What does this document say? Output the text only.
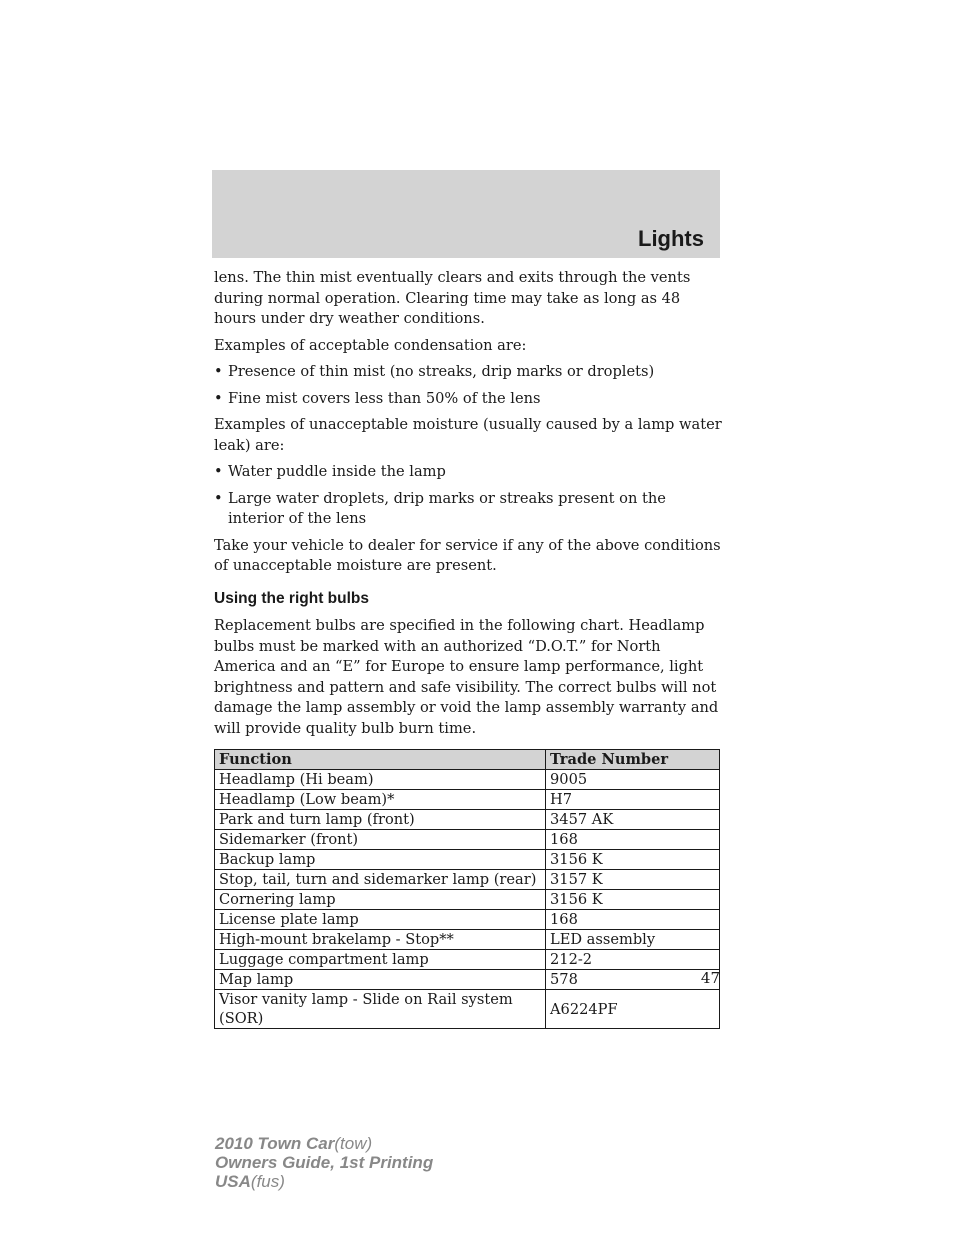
Lights

lens. The thin mist eventually clears and exits through the vents during normal operation. Clearing time may take as long as 48 hours under dry weather conditions.

Examples of acceptable condensation are:

• Presence of thin mist (no streaks, drip marks or droplets)
• Fine mist covers less than 50% of the lens

Examples of unacceptable moisture (usually caused by a lamp water leak) are:

• Water puddle inside the lamp
• Large water droplets, drip marks or streaks present on the interior of the lens

Take your vehicle to dealer for service if any of the above conditions of unacceptable moisture are present.

Using the right bulbs

Replacement bulbs are specified in the following chart. Headlamp bulbs must be marked with an authorized “D.O.T.” for North America and an “E” for Europe to ensure lamp performance, light brightness and pattern and safe visibility. The correct bulbs will not damage the lamp assembly or void the lamp assembly warranty and will provide quality bulb burn time.

Function	Trade Number
Headlamp (Hi beam)	9005
Headlamp (Low beam)*	H7
Park and turn lamp (front)	3457 AK
Sidemarker (front)	168
Backup lamp	3156 K
Stop, tail, turn and sidemarker lamp (rear)	3157 K
Cornering lamp	3156 K
License plate lamp	168
High-mount brakelamp - Stop**	LED assembly
Luggage compartment lamp	212-2
Map lamp	578
Visor vanity lamp - Slide on Rail system (SOR)	A6224PF
47
2010 Town Car(tow)
Owners Guide, 1st Printing
USA(fus)
